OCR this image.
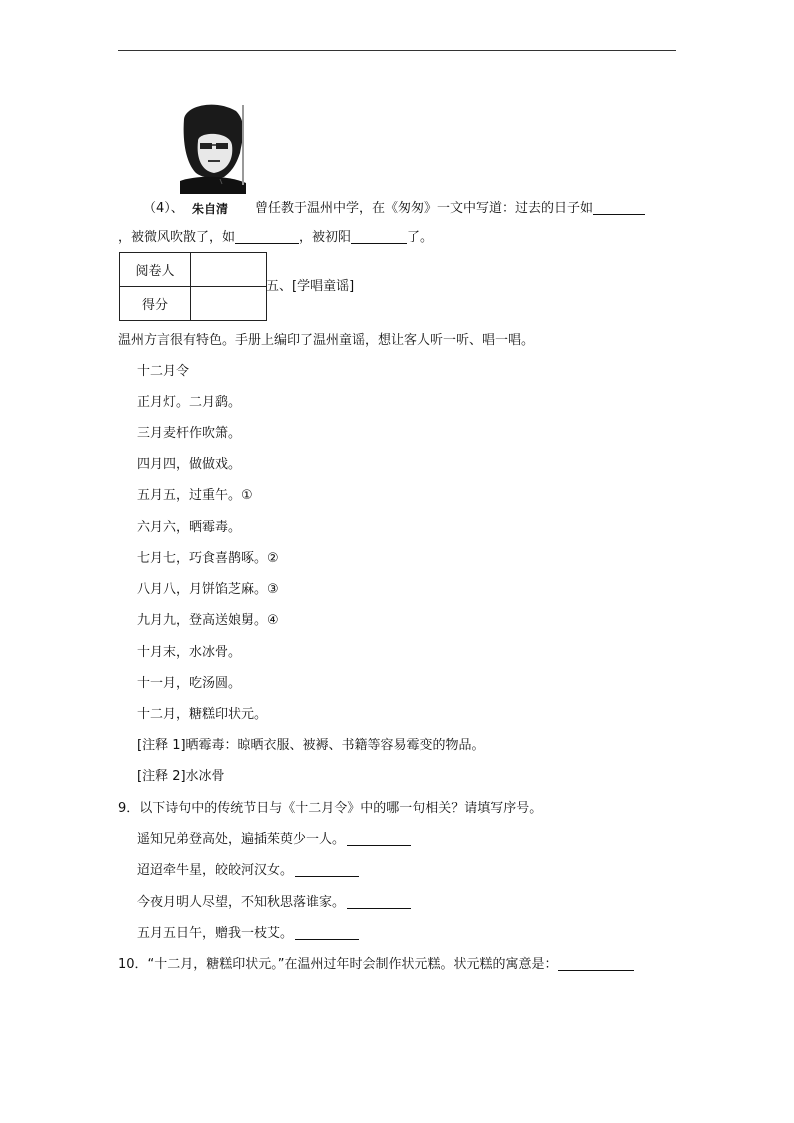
（4）、 朱自清 曾任教于温州中学，在《匆匆》一文中写道：过去的日子如
，被微风吹散了，如	，被初阳	了。
阅卷人	
得分	
五、[学唱童谣]
温州方言很有特色。手册上编印了温州童谣，想让客人听一听、唱一唱。
十二月令
正月灯。二月鹞。
三月麦杆作吹箫。
四月四，做做戏。
五月五，过重午。①
六月六，晒霉毒。
七月七，巧食喜鹊啄。②
八月八，月饼馅芝麻。③
九月九，登高送娘舅。④
十月末，水冰骨。
十一月，吃汤圆。
十二月，糖糕印状元。
[注释 1]晒霉毒：晾晒衣服、被褥、书籍等容易霉变的物品。
[注释 2]水冰骨
9．以下诗句中的传统节日与《十二月令》中的哪一句相关？请填写序号。
遥知兄弟登高处，遍插茱萸少一人。
迢迢牵牛星，皎皎河汉女。
今夜月明人尽望，不知秋思落谁家。
五月五日午，赠我一枝艾。
10．“十二月，糖糕印状元。”在温州过年时会制作状元糕。状元糕的寓意是：
